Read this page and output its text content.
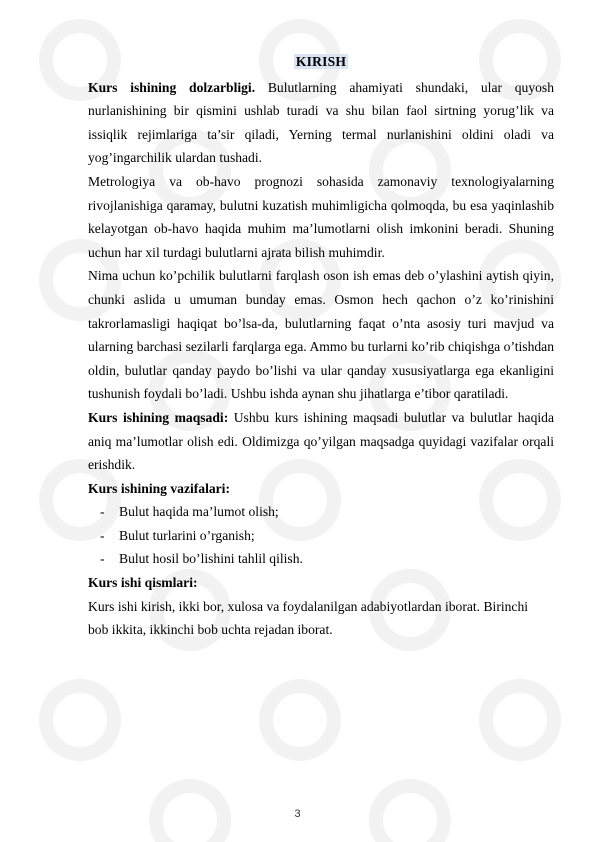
KIRISH

Kurs ishining dolzarbligi. Bulutlarning ahamiyati shundaki, ular quyosh nurlanishining bir qismini ushlab turadi va shu bilan faol sirtning yorug’lik va issiqlik rejimlariga ta’sir qiladi, Yerning termal nurlanishini oldini oladi va yog’ingarchilik ulardan tushadi.

Metrologiya va ob-havo prognozi sohasida zamonaviy texnologiyalarning rivojlanishiga qaramay, bulutni kuzatish muhimligicha qolmoqda, bu esa yaqinlashib kelayotgan ob-havo haqida muhim ma’lumotlarni olish imkonini beradi. Shuning uchun har xil turdagi bulutlarni ajrata bilish muhimdir.

Nima uchun ko’pchilik bulutlarni farqlash oson ish emas deb o’ylashini aytish qiyin, chunki aslida u umuman bunday emas. Osmon hech qachon o’z ko’rinishini takrorlamasligi haqiqat bo’lsa-da, bulutlarning faqat o’nta asosiy turi mavjud va ularning barchasi sezilarli farqlarga ega. Ammo bu turlarni ko’rib chiqishga o’tishdan oldin, bulutlar qanday paydo bo’lishi va ular qanday xususiyatlarga ega ekanligini tushunish foydali bo’ladi. Ushbu ishda aynan shu jihatlarga e’tibor qaratiladi.

Kurs ishining maqsadi: Ushbu kurs ishining maqsadi bulutlar va bulutlar haqida aniq ma’lumotlar olish edi. Oldimizga qo’yilgan maqsadga quyidagi vazifalar orqali erishdik.

Kurs ishining vazifalari:

- Bulut haqida ma’lumot olish;
- Bulut turlarini o’rganish;
- Bulut hosil bo’lishini tahlil qilish.

Kurs ishi qismlari:

Kurs ishi kirish, ikki bor, xulosa va foydalanilgan adabiyotlardan iborat. Birinchi
bob ikkita, ikkinchi bob uchta rejadan iborat.
3
